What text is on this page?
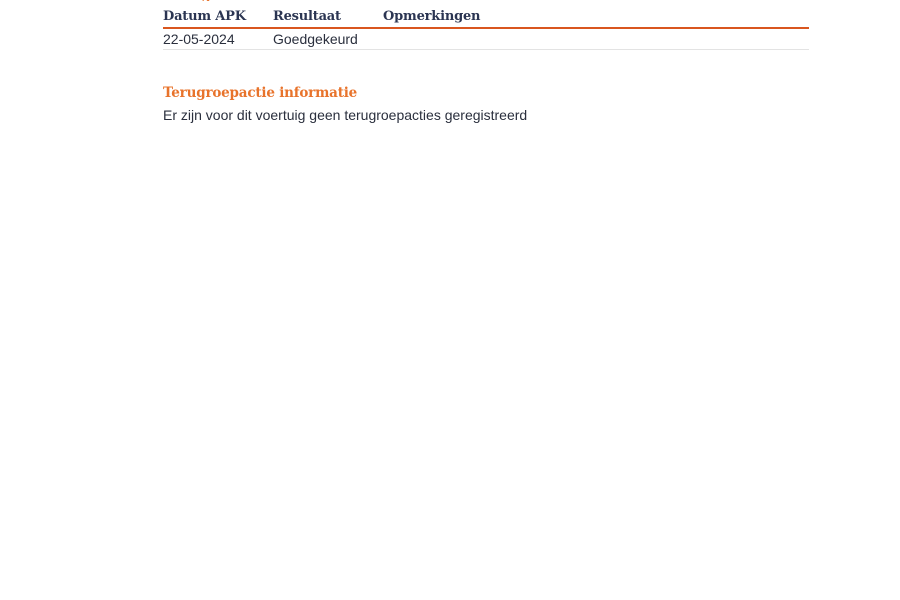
Datum APK	Resultaat	Opmerkingen
22-05-2024	Goedgekeurd
Terugroepactie informatie
Er zijn voor dit voertuig geen terugroepacties geregistreerd
